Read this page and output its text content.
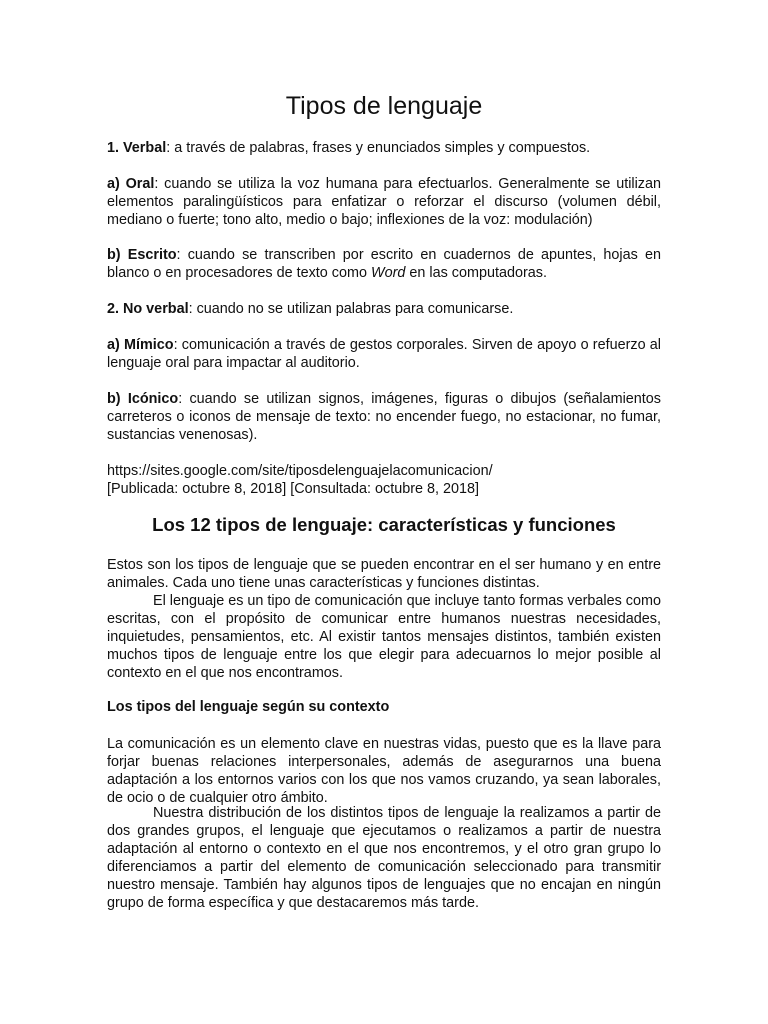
Tipos de lenguaje

1. Verbal: a través de palabras, frases y enunciados simples y compuestos.

a) Oral: cuando se utiliza la voz humana para efectuarlos. Generalmente se utilizan elementos paralingüísticos para enfatizar o reforzar el discurso (volumen débil, mediano o fuerte; tono alto, medio o bajo; inflexiones de la voz: modulación)

b) Escrito: cuando se transcriben por escrito en cuadernos de apuntes, hojas en blanco o en procesadores de texto como Word en las computadoras.

2. No verbal: cuando no se utilizan palabras para comunicarse.

a) Mímico: comunicación a través de gestos corporales. Sirven de apoyo o refuerzo al lenguaje oral para impactar al auditorio.

b) Icónico: cuando se utilizan signos, imágenes, figuras o dibujos (señalamientos carreteros o iconos de mensaje de texto: no encender fuego, no estacionar, no fumar, sustancias venenosas).

https://sites.google.com/site/tiposdelenguajelacomunicacion/
[Publicada: octubre 8, 2018] [Consultada: octubre 8, 2018]

Los 12 tipos de lenguaje: características y funciones

Estos son los tipos de lenguaje que se pueden encontrar en el ser humano y en entre animales. Cada uno tiene unas características y funciones distintas.

El lenguaje es un tipo de comunicación que incluye tanto formas verbales como escritas, con el propósito de comunicar entre humanos nuestras necesidades, inquietudes, pensamientos, etc. Al existir tantos mensajes distintos, también existen muchos tipos de lenguaje entre los que elegir para adecuarnos lo mejor posible al contexto en el que nos encontramos.

Los tipos del lenguaje según su contexto

La comunicación es un elemento clave en nuestras vidas, puesto que es la llave para forjar buenas relaciones interpersonales, además de asegurarnos una buena adaptación a los entornos varios con los que nos vamos cruzando, ya sean laborales, de ocio o de cualquier otro ámbito.

Nuestra distribución de los distintos tipos de lenguaje la realizamos a partir de dos grandes grupos, el lenguaje que ejecutamos o realizamos a partir de nuestra adaptación al entorno o contexto en el que nos encontremos, y el otro gran grupo lo diferenciamos a partir del elemento de comunicación seleccionado para transmitir nuestro mensaje. También hay algunos tipos de lenguajes que no encajan en ningún grupo de forma específica y que destacaremos más tarde.
